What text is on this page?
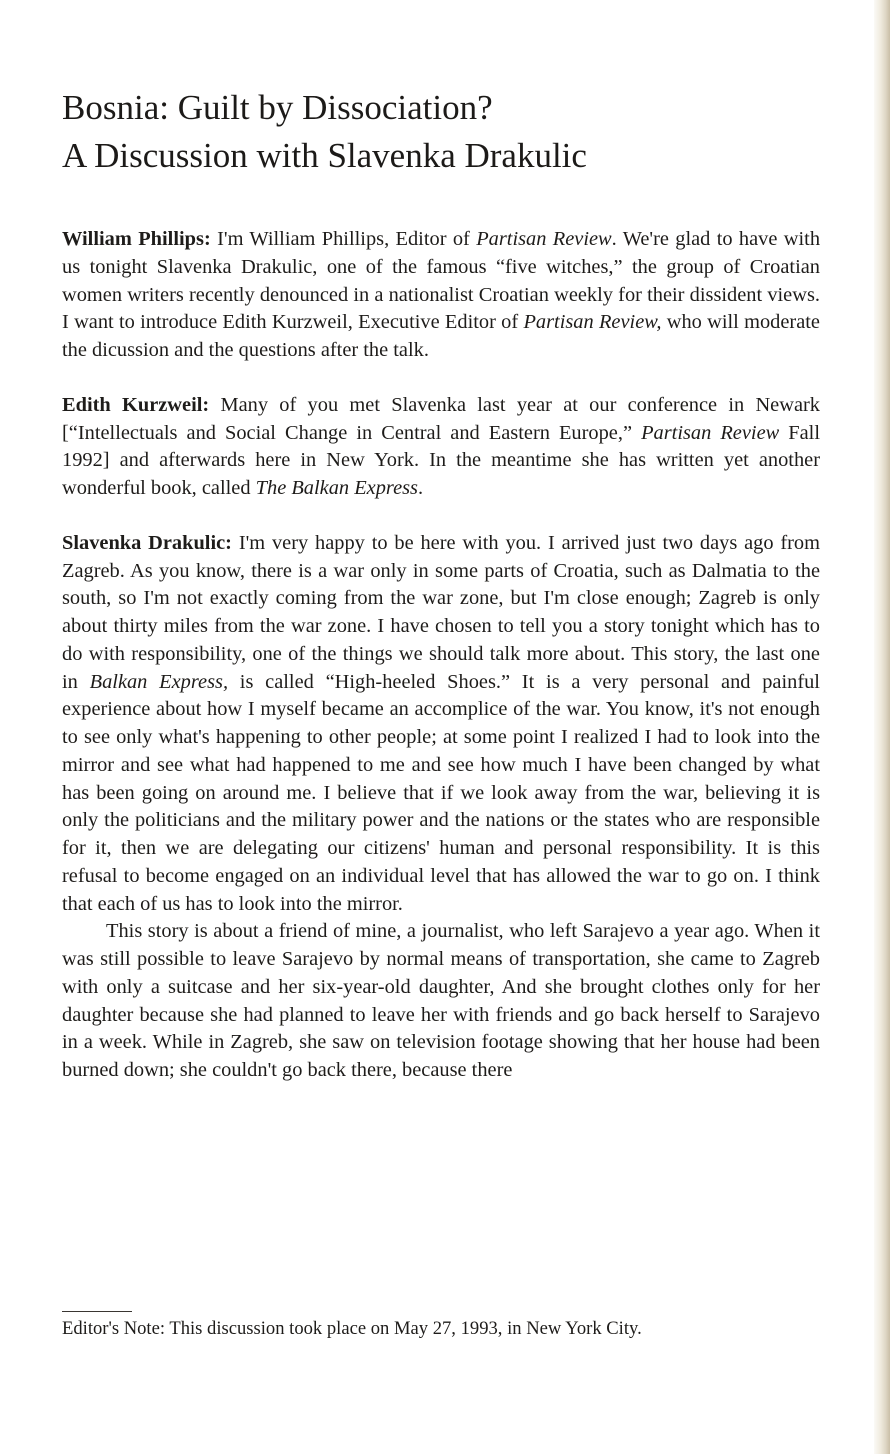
Bosnia: Guilt by Dissociation?
A Discussion with Slavenka Drakulic

William Phillips: I'm William Phillips, Editor of Partisan Review. We're glad to have with us tonight Slavenka Drakulic, one of the famous “five witches,” the group of Croatian women writers recently denounced in a nationalist Croatian weekly for their dissident views. I want to introduce Edith Kurzweil, Executive Editor of Partisan Review, who will moderate the dicussion and the questions after the talk.

Edith Kurzweil: Many of you met Slavenka last year at our conference in Newark [“Intellectuals and Social Change in Central and Eastern Europe,” Partisan Review Fall 1992] and afterwards here in New York. In the meantime she has written yet another wonderful book, called The Balkan Express.

Slavenka Drakulic: I'm very happy to be here with you. I arrived just two days ago from Zagreb. As you know, there is a war only in some parts of Croatia, such as Dalmatia to the south, so I'm not exactly coming from the war zone, but I'm close enough; Zagreb is only about thirty miles from the war zone. I have chosen to tell you a story tonight which has to do with responsibility, one of the things we should talk more about. This story, the last one in Balkan Express, is called “High-heeled Shoes.” It is a very personal and painful experience about how I myself became an accomplice of the war. You know, it's not enough to see only what's happening to other people; at some point I realized I had to look into the mirror and see what had happened to me and see how much I have been changed by what has been going on around me. I believe that if we look away from the war, believing it is only the politicians and the military power and the nations or the states who are responsible for it, then we are delegating our citizens' human and personal responsibility. It is this refusal to become engaged on an individual level that has allowed the war to go on. I think that each of us has to look into the mirror.

This story is about a friend of mine, a journalist, who left Sarajevo a year ago. When it was still possible to leave Sarajevo by normal means of transportation, she came to Zagreb with only a suitcase and her six-year-old daughter, And she brought clothes only for her daughter because she had planned to leave her with friends and go back herself to Sarajevo in a week. While in Zagreb, she saw on television footage showing that her house had been burned down; she couldn't go back there, because there

Editor's Note: This discussion took place on May 27, 1993, in New York City.
